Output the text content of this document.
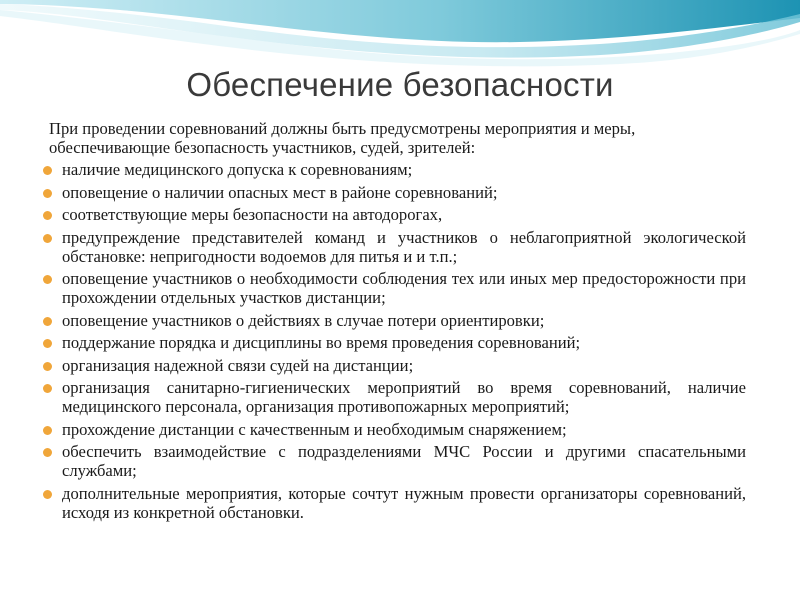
Обеспечение безопасности
При проведении соревнований должны быть предусмотрены мероприятия и меры, обеспечивающие безопасность участников, судей, зрителей:
наличие медицинского допуска к соревнованиям;
оповещение о наличии опасных мест в районе соревнований;
соответствующие меры безопасности на автодорогах,
предупреждение представителей команд и участников о неблагоприятной экологической обстановке: непригодности водоемов для питья и и т.п.;
оповещение участников о необходимости соблюдения тех или иных мер предосторожности при прохождении отдельных участков дистанции;
оповещение участников о действиях в случае потери ориентировки;
поддержание порядка и дисциплины во время проведения соревнований;
организация надежной связи судей на дистанции;
организация санитарно-гигиенических мероприятий во время соревнований, наличие медицинского персонала, организация противопожарных мероприятий;
прохождение дистанции с качественным и необходимым снаряжением;
обеспечить взаимодействие с подразделениями МЧС России и другими спасательными службами;
дополнительные мероприятия, которые сочтут нужным провести организаторы соревнований, исходя из конкретной обстановки.
